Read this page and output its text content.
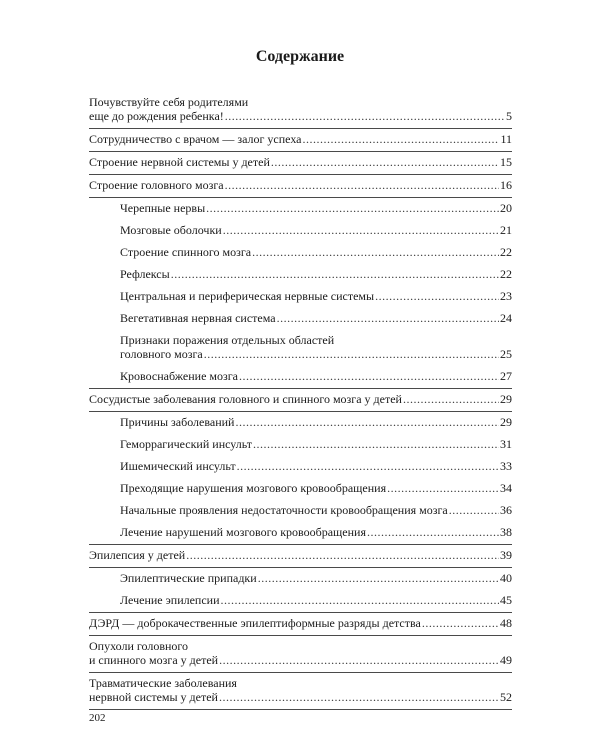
Содержание
Почувствуйте себя родителями
еще до рождения ребенка! .....	5
Сотрудничество с врачом — залог успеха .....	11
Строение нервной системы у детей .....	15
Строение головного мозга .....	16
Черепные нервы .....	20
Мозговые оболочки .....	21
Строение спинного мозга .....	22
Рефлексы .....	22
Центральная и периферическая нервные системы .....	23
Вегетативная нервная система .....	24
Признаки поражения отдельных областей
головного мозга .....	25
Кровоснабжение мозга .....	27
Сосудистые заболевания головного и спинного мозга у детей .....	29
Причины заболеваний .....	29
Геморрагический инсульт .....	31
Ишемический инсульт .....	33
Преходящие нарушения мозгового кровообращения .....	34
Начальные проявления недостаточности кровообращения мозга .....	36
Лечение нарушений мозгового кровообращения .....	38
Эпилепсия у детей .....	39
Эпилептические припадки .....	40
Лечение эпилепсии .....	45
ДЭРД — доброкачественные эпилептиформные разряды детства .....	48
Опухоли головного
и спинного мозга у детей .....	49
Травматические заболевания
нервной системы у детей .....	52
202
